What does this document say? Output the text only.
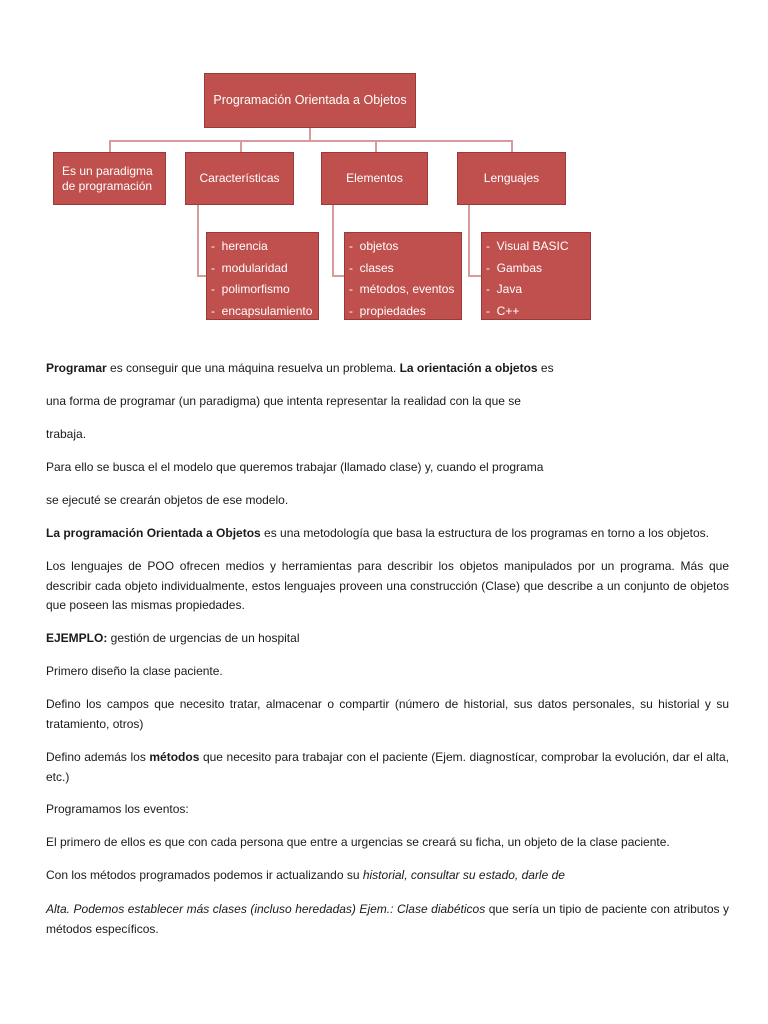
Programación Orientada a Objetos
Es un paradigma de programación
Características	Elementos	Lenguajes
-  herencia
-  modularidad
-  polimorfismo
-  encapsulamiento
-  objetos
-  clases
-  métodos, eventos
-  propiedades
-  Visual BASIC
-  Gambas
-  Java
-  C++
Programar es conseguir que una máquina resuelva un problema. La orientación a objetos es
una forma de programar (un paradigma) que intenta representar la realidad con la que se
trabaja.
Para ello se busca el el modelo que queremos trabajar (llamado clase) y, cuando el programa
se ejecuté se crearán objetos de ese modelo.
La programación Orientada a Objetos es una metodología que basa la estructura de los programas en torno a los objetos.
Los lenguajes de POO ofrecen medios y herramientas para describir los objetos manipulados por un programa. Más que describir cada objeto individualmente, estos lenguajes proveen una construcción (Clase) que describe a un conjunto de objetos que poseen las mismas propiedades.
EJEMPLO: gestión de urgencias de un hospital
Primero diseño la clase paciente.
Defino los campos que necesito tratar, almacenar o compartir (número de historial, sus datos personales, su historial y su tratamiento, otros)
Defino además los métodos que necesito para trabajar con el paciente (Ejem. diagnostícar, comprobar la evolución, dar el alta, etc.)
Programamos los eventos:
El primero de ellos es que con cada persona que entre a urgencias se creará su ficha, un objeto de la clase paciente.
Con los métodos programados podemos ir actualizando su historial, consultar su estado, darle de
Alta. Podemos establecer más clases (incluso heredadas) Ejem.: Clase diabéticos que sería un tipio de paciente con atributos y métodos específicos.
